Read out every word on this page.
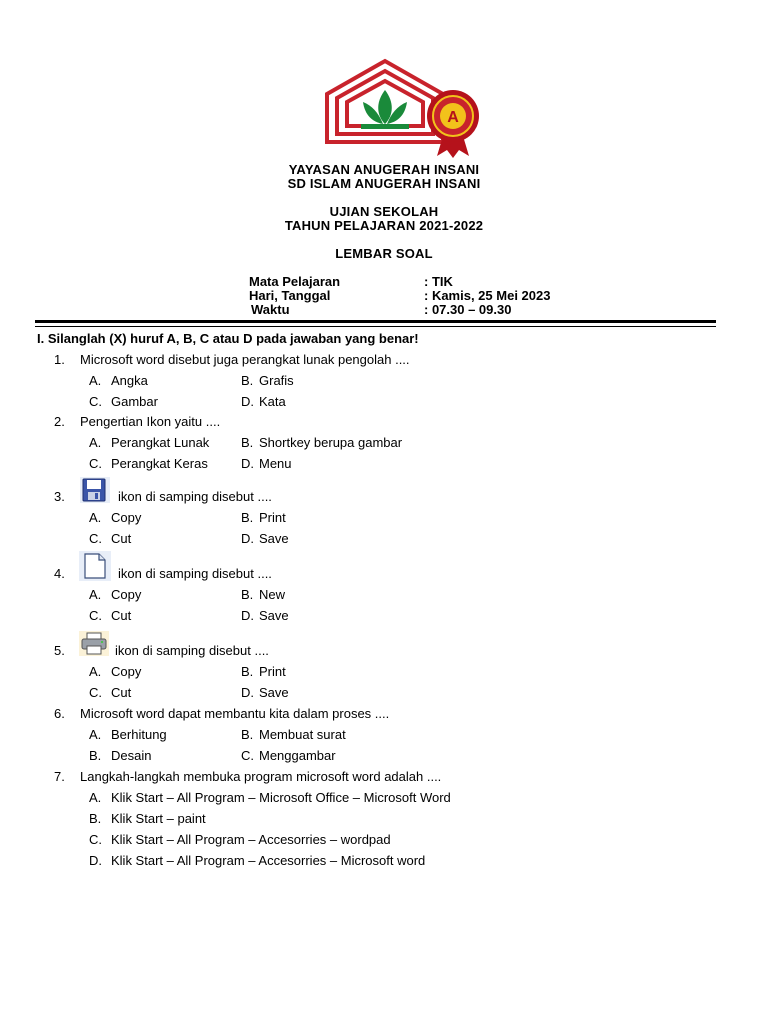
A
YAYASAN ANUGERAH INSANI
SD ISLAM ANUGERAH INSANI
UJIAN SEKOLAH
TAHUN PELAJARAN 2021-2022
LEMBAR SOAL
Mata Pelajaran	: TIK
Hari, Tanggal	: Kamis, 25 Mei 2023
Waktu	: 07.30 – 09.30
I. Silanglah (X) huruf A, B, C atau D pada jawaban yang benar!
1. Microsoft word disebut juga perangkat lunak pengolah ....
A. Angka	B. Grafis
C. Gambar	D. Kata
2. Pengertian Ikon yaitu ....
A. Perangkat Lunak B. Shortkey berupa gambar
C. Perangkat Keras	D. Menu
3.	ikon di samping disebut ....
A. Copy	B. Print
C. Cut	D. Save
4.	ikon di samping disebut ....
A. Copy	B. New
C. Cut	D. Save
5.	ikon di samping disebut ....
A. Copy	B. Print
C. Cut	D. Save
6. Microsoft word dapat membantu kita dalam proses ....
A. Berhitung	B. Membuat surat
B. Desain	C. Menggambar
7. Langkah-langkah membuka program microsoft word adalah ....
A. Klik Start – All Program – Microsoft Office – Microsoft Word
B. Klik Start – paint
C. Klik Start – All Program – Accesorries – wordpad
D. Klik Start – All Program – Accesorries – Microsoft word
